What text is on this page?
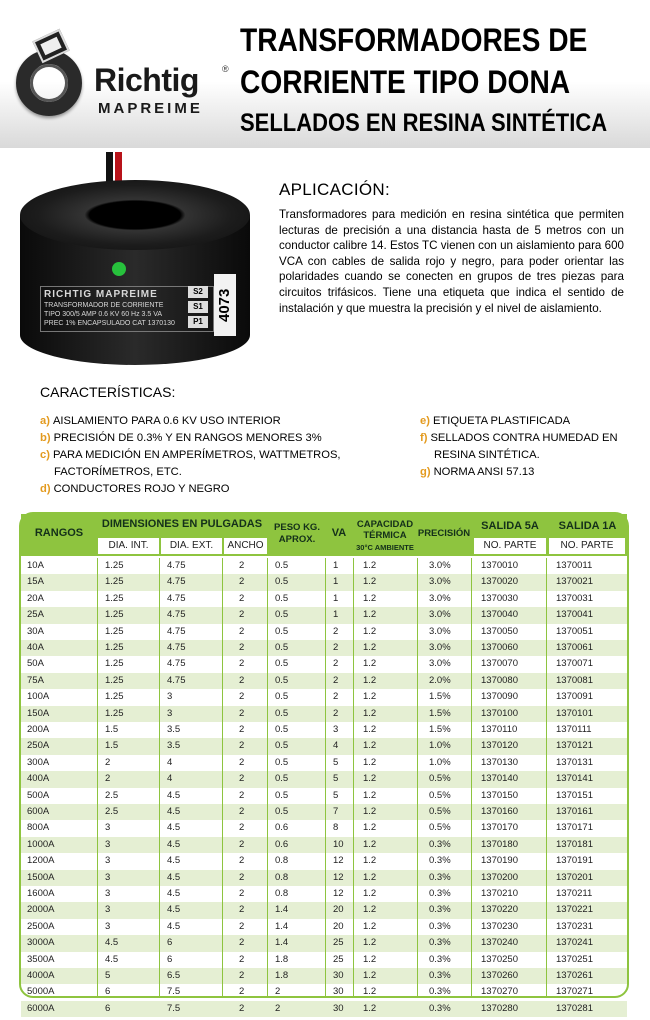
Richtig	®
MAPREIME
TRANSFORMADORES DE
CORRIENTE TIPO DONA
SELLADOS EN RESINA SINTÉTICA
RICHTIG MAPREIME
TRANSFORMADOR DE CORRIENTE
TIPO 300/5 AMP 0.6 KV 60 Hz 3.5 VA
PREC 1% ENCAPSULADO CAT 1370130
S2
S1
P1 4073
APLICACIÓN:
Transformadores para medición en resina sintética que permiten lecturas de precisión a una distancia hasta de 5 metros con un conductor calibre 14. Estos TC vienen con un aislamiento para 600 VCA con cables de salida rojo y negro, para poder orientar las polaridades cuando se conecten en grupos de tres piezas para circuitos trifásicos. Tiene una etiqueta que indica el sentido de instalación y que muestra la precisión y el nivel de aislamiento.
CARACTERÍSTICAS:
a) AISLAMIENTO PARA 0.6 KV USO INTERIOR
b) PRECISIÓN DE 0.3% Y EN RANGOS MENORES 3%
c) PARA MEDICIÓN EN AMPERÍMETROS, WATTMETROS,
FACTORÍMETROS, ETC.
d) CONDUCTORES ROJO Y NEGRO
e) ETIQUETA PLASTIFICADA
f) SELLADOS CONTRA HUMEDAD EN
RESINA SINTÉTICA.
g) NORMA ANSI 57.13
RANGOS
DIMENSIONES EN PULGADAS
DIA. INT.	DIA. EXT.	ANCHO
PESO KG. APROX.
VA
CAPACIDAD TÉRMICA
30°C AMBIENTE
PRECISIÓN
SALIDA 5A
NO. PARTE
SALIDA 1A
NO. PARTE
10A	1.25	4.75	2	0.5	1	1.2	3.0%	1370010	1370011
15A	1.25	4.75	2	0.5	1	1.2	3.0%	1370020	1370021
20A	1.25	4.75	2	0.5	1	1.2	3.0%	1370030	1370031
25A	1.25	4.75	2	0.5	1	1.2	3.0%	1370040	1370041
30A	1.25	4.75	2	0.5	2	1.2	3.0%	1370050	1370051
40A	1.25	4.75	2	0.5	2	1.2	3.0%	1370060	1370061
50A	1.25	4.75	2	0.5	2	1.2	3.0%	1370070	1370071
75A	1.25	4.75	2	0.5	2	1.2	2.0%	1370080	1370081
100A	1.25	3	2	0.5	2	1.2	1.5%	1370090	1370091
150A	1.25	3	2	0.5	2	1.2	1.5%	1370100	1370101
200A	1.5	3.5	2	0.5	3	1.2	1.5%	1370110	1370111
250A	1.5	3.5	2	0.5	4	1.2	1.0%	1370120	1370121
300A	2	4	2	0.5	5	1.2	1.0%	1370130	1370131
400A	2	4	2	0.5	5	1.2	0.5%	1370140	1370141
500A	2.5	4.5	2	0.5	5	1.2	0.5%	1370150	1370151
600A	2.5	4.5	2	0.5	7	1.2	0.5%	1370160	1370161
800A	3	4.5	2	0.6	8	1.2	0.5%	1370170	1370171
1000A	3	4.5	2	0.6	10 1.2	0.3%	1370180	1370181
1200A	3	4.5	2	0.8	12 1.2	0.3%	1370190	1370191
1500A	3	4.5	2	0.8	12 1.2	0.3%	1370200	1370201
1600A	3	4.5	2	0.8	12 1.2	0.3%	1370210	1370211
2000A	3	4.5	2	1.4	20 1.2	0.3%	1370220	1370221
2500A	3	4.5	2	1.4	20 1.2	0.3%	1370230	1370231
3000A	4.5	6	2	1.4	25 1.2	0.3%	1370240	1370241
3500A	4.5	6	2	1.8	25 1.2	0.3%	1370250	1370251
4000A	5	6.5	2	1.8	30 1.2	0.3%	1370260	1370261
5000A	6	7.5	2	2	30 1.2	0.3%	1370270	1370271
6000A	6	7.5	2	2	30 1.2	0.3%	1370280	1370281
